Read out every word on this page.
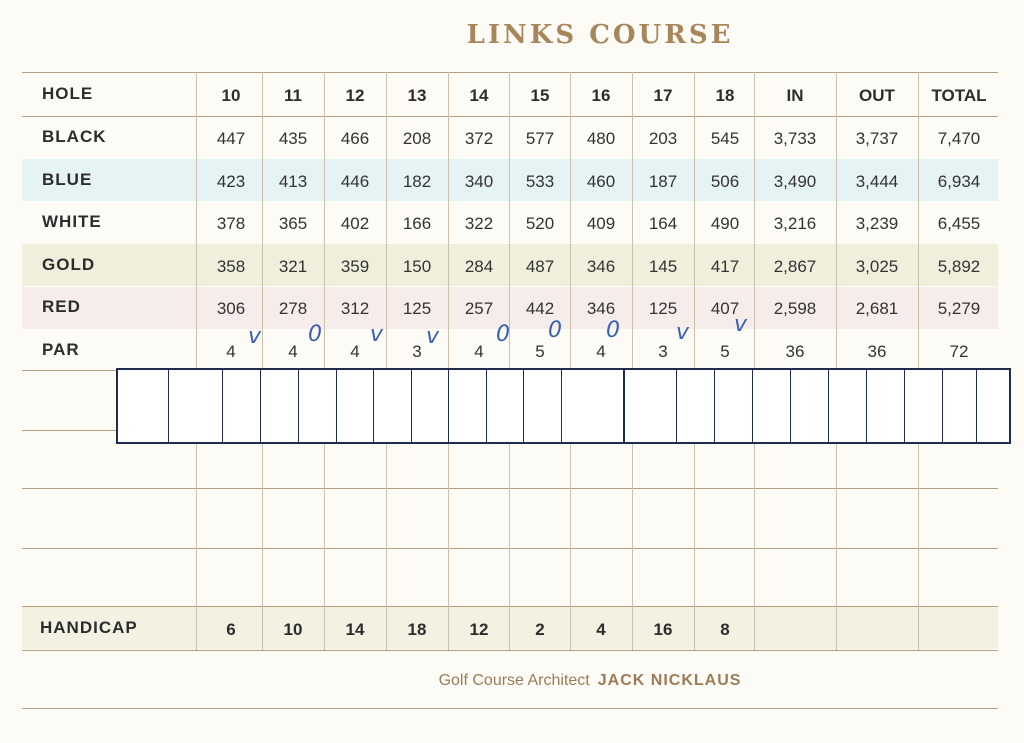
LINKS COURSE
HOLE	10	11	12	13	14	15	16	17	18	IN	OUT	TOTAL
BLACK	447	435	466	208	372	577	480	203	545	3,733	3,737	7,470
BLUE	423	413	446	182	340	533	460	187	506	3,490	3,444	6,934
WHITE	378	365	402	166	322	520	409	164	490	3,216	3,239	6,455
GOLD	358	321	359	150	284	487	346	145	417	2,867	3,025	5,892
RED	306	278	312	125	257	442	346	125	407	2,598	2,681	5,279
PAR	4	4	4	3	4	5	4	3	5	36	36	72
v 0 v v	0 0 0	v v
HANDICAP	6	10	14	18	12	2	4	16	8
Golf Course Architect JACK NICKLAUS
